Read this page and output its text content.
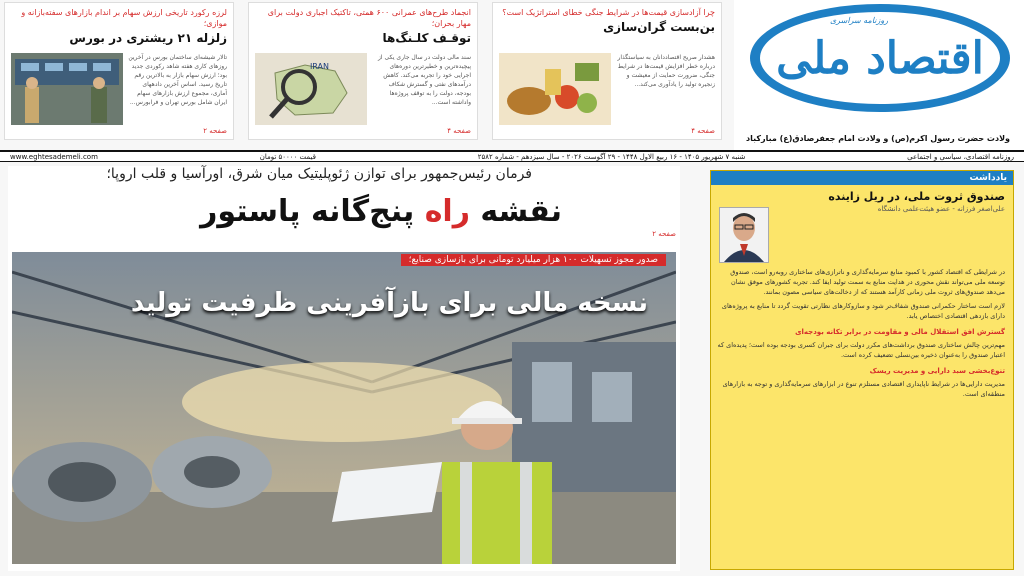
لرزه رکورد تاریخی ارزش سهام بر اندام بازارهای سفته‌بازانه و موازی؛
زلزله ۲۱ ریشتری در بورس
تالار شیشه‌ای ساختمان بورس در آخرین روزهای کاری هفته شاهد رکوردی جدید بود؛ ارزش سهام بازار به بالاترین رقم تاریخ رسید. اساس آخرین دادههای آماری، مجموع ارزش بازارهای سهام ایران شامل بورس تهران و فرابورس...
صفحه ۲
انجماد طرح‌های عمرانی ۶۰۰ همتی، تاکتیک اجباری دولت برای مهار بحران؛
توقـف کلـنگ‌ها
سند مالی دولت در سال جاری یکی از پیچیده‌ترین و خطیرترین دوره‌های اجرایی خود را تجربه می‌کند. کاهش درآمدهای نفتی و گسترش شکاف بودجه، دولت را به توقف پروژه‌ها واداشته است...
IRAN
صفحه ۴
چرا آزادسازی قیمت‌ها در شرایط جنگی خطای استراتژیک است؟
بن‌بست گران‌سازی
هشدار صریح اقتصاددانان به سیاستگذار درباره خطر افزایش قیمت‌ها در شرایط جنگی، ضرورت حمایت از معیشت و زنجیره تولید را یادآوری می‌کند...
صفحه ۴
اقتصاد ملی
روزنامه سراسری
ولادت حضرت رسول اکرم(ص) و ولادت امام جعفرصادق(ع) مبارکباد
روزنامه اقتصادی، سیاسی و اجتماعی
شنبه ۷ شهریور ۱۴۰۵ - ۱۶ ربیع الاول ۱۴۴۸ - ۲۹ آگوست ۲۰۲۶ - سال سیزدهم - شماره ۲۵۸۲
قیمت ۵۰۰۰۰ تومان
www.eghtesademeli.com
فرمان رئیس‌جمهور برای توازن ژئوپلیتیک میان شرق، اورآسیا و قلب اروپا؛
نقشه راه پنج‌گانه پاستور
صفحه ۲
صدور مجوز تسهیلات ۱۰۰ هزار میلیارد تومانی برای بازسازی صنایع؛
نسخه مالی برای بازآفرینی ظرفیت تولید
یادداشت
صندوق ثروت ملی، در ریل زاینده
علی‌اصغر فرزانه - عضو هیئت‌علمی دانشگاه

در شرایطی که اقتصاد کشور با کمبود منابع سرمایه‌گذاری و ناترازی‌های ساختاری روبه‌رو است، صندوق توسعه ملی می‌تواند نقش محوری در هدایت منابع به سمت تولید ایفا کند. تجربه کشورهای موفق نشان می‌دهد صندوق‌های ثروت ملی زمانی کارآمد هستند که از دخالت‌های سیاسی مصون بمانند.

لازم است ساختار حکمرانی صندوق شفاف‌تر شود و سازوکارهای نظارتی تقویت گردد تا منابع به پروژه‌های دارای بازدهی اقتصادی اختصاص یابد.

گسترش افق استقلال مالی و مقاومت در برابر تکانه بودجه‌ای

مهم‌ترین چالش ساختاری صندوق برداشت‌های مکرر دولت برای جبران کسری بودجه بوده است؛ پدیده‌ای که اعتبار صندوق را به‌عنوان ذخیره بین‌نسلی تضعیف کرده است.

تنوع‌بخشی سبد دارایی و مدیریت ریسک

مدیریت دارایی‌ها در شرایط ناپایداری اقتصادی مستلزم تنوع در ابزارهای سرمایه‌گذاری و توجه به بازارهای منطقه‌ای است.
